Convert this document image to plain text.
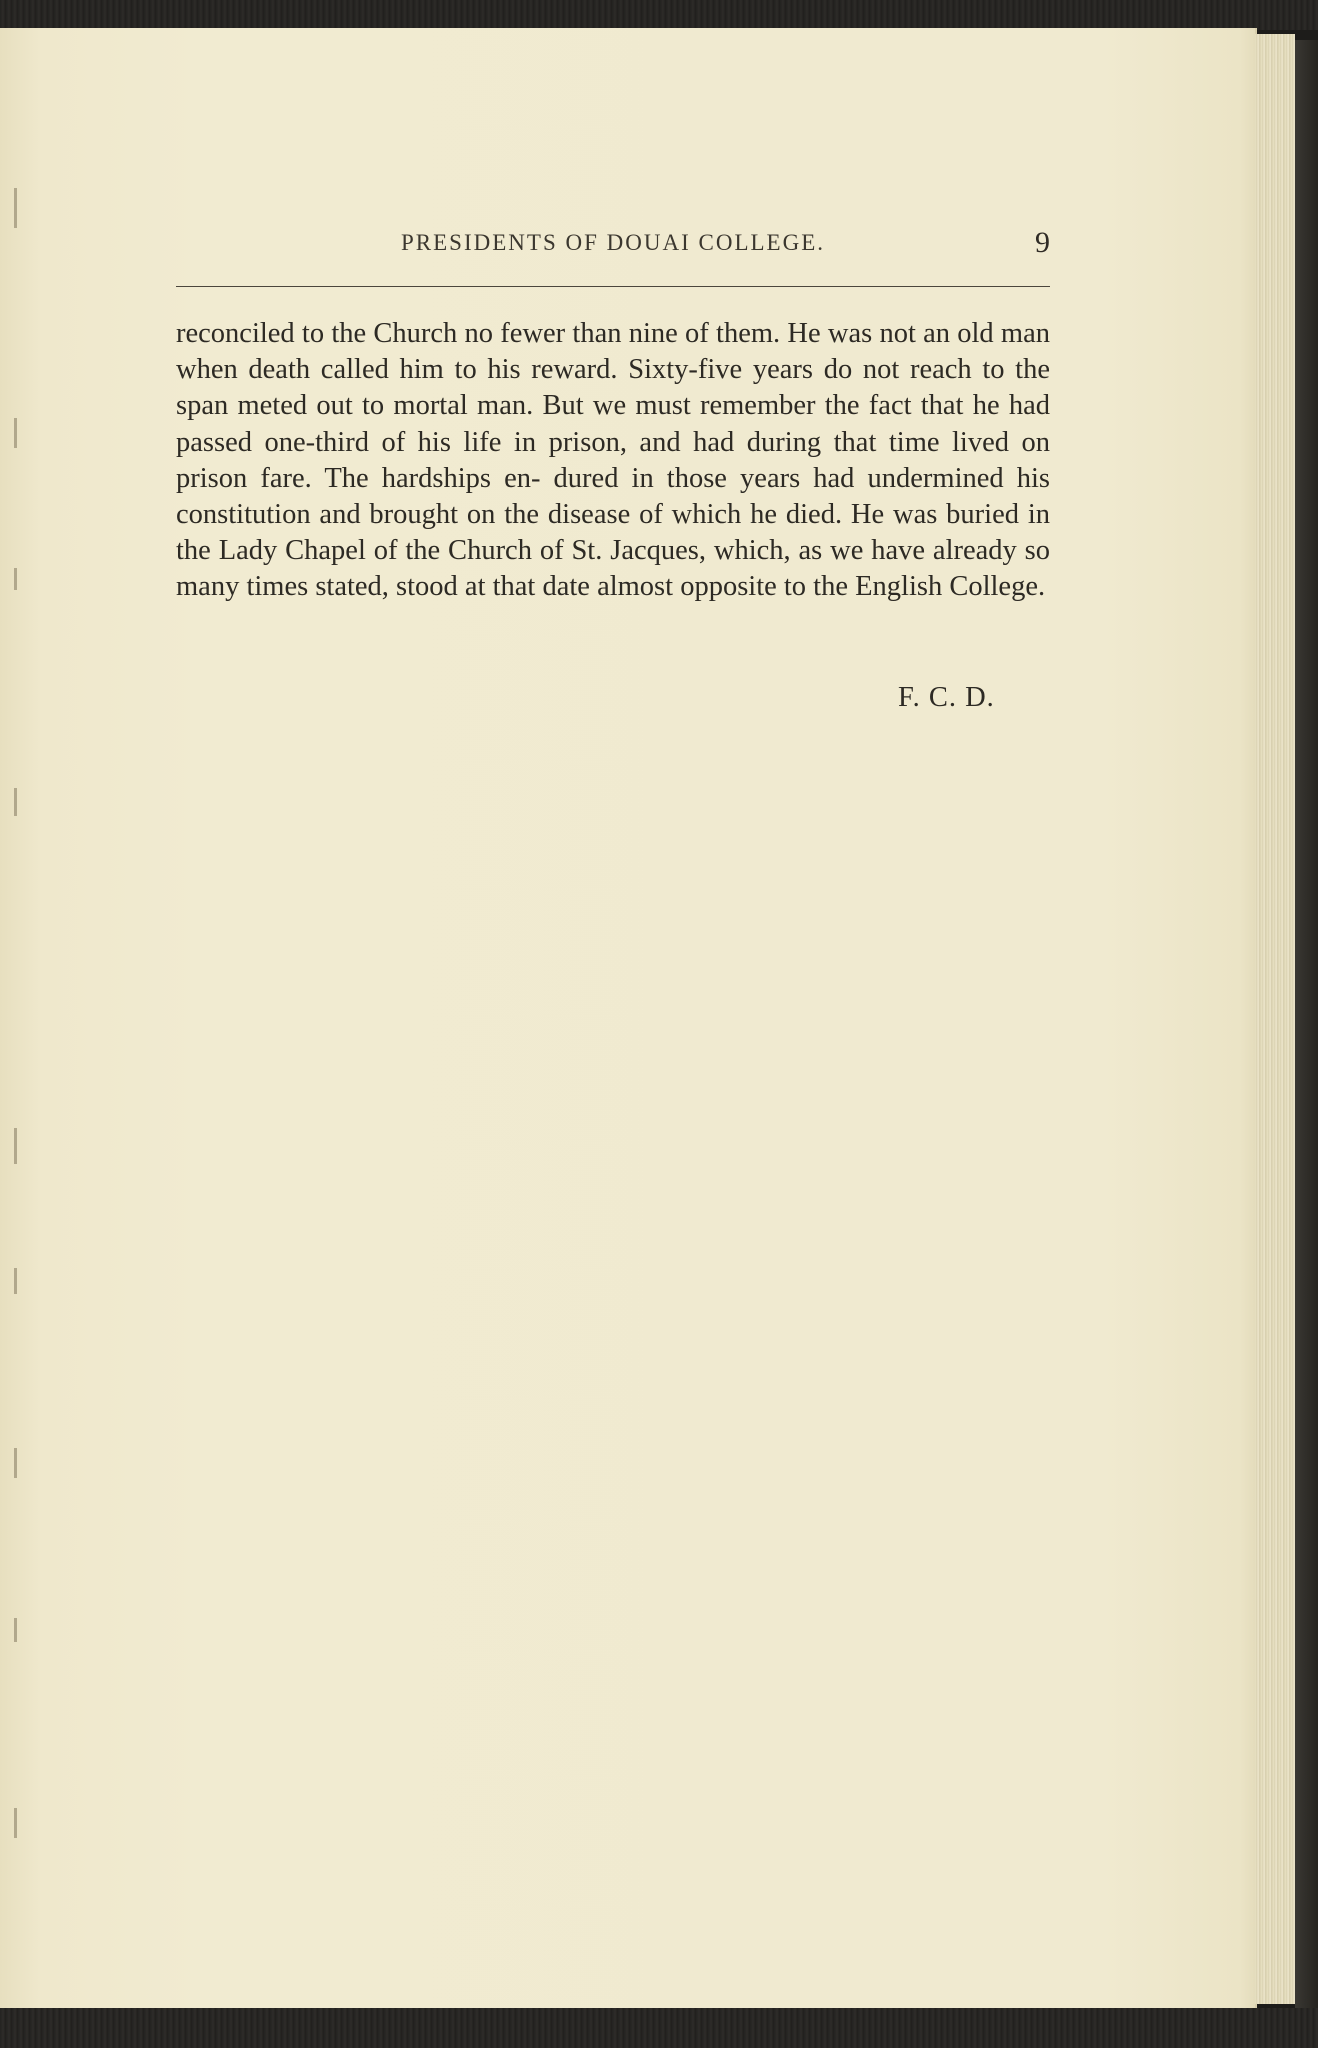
PRESIDENTS OF DOUAI COLLEGE.	9

reconciled to the Church no fewer than nine of them. He was not an old man when death called him to his reward. Sixty-five years do not reach to the span meted out to mortal man. But we must remember the fact that he had passed one-third of his life in prison, and had during that time lived on prison fare. The hardships en- dured in those years had undermined his constitution and brought on the disease of which he died. He was buried in the Lady Chapel of the Church of St. Jacques, which, as we have already so many times stated, stood at that date almost opposite to the English College.

F. C. D.
